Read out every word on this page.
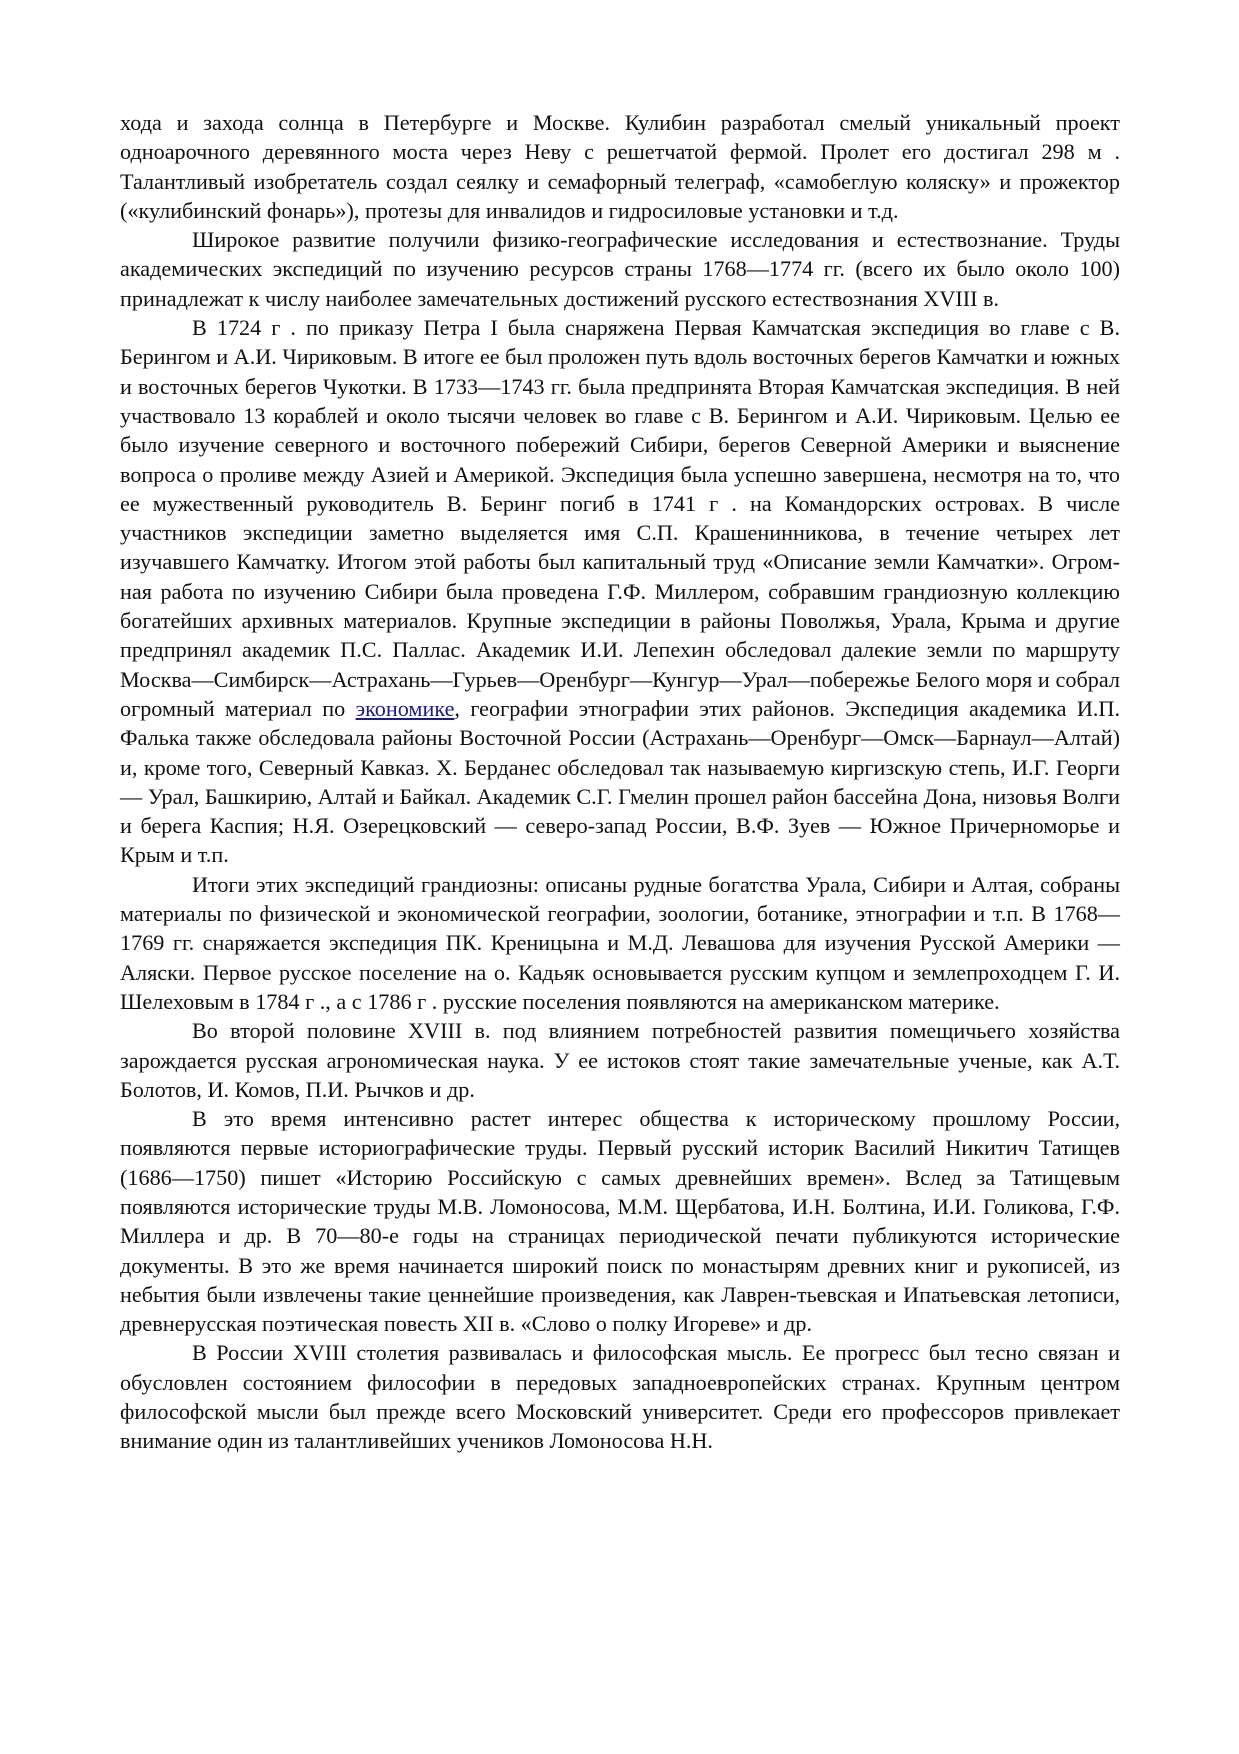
хода и захода солнца в Петербурге и Москве. Кулибин разработал смелый уникальный проект одноарочного деревянного моста через Неву с решетчатой фермой. Пролет его достигал 298 м . Талантливый изобретатель создал сеялку и семафорный телеграф, «самобеглую коляску» и прожектор («кулибинский фонарь»), протезы для инвалидов и гидросиловые установки и т.д.

Широкое развитие получили физико-географические исследования и естествознание. Труды академических экспедиций по изучению ресурсов страны 1768—1774 гг. (всего их было около 100) принадлежат к числу наиболее замечательных достижений русского естествознания XVIII в.

В 1724 г . по приказу Петра I была снаряжена Первая Камчатская экспедиция во главе с В. Берингом и А.И. Чириковым. В итоге ее был проложен путь вдоль восточных берегов Камчатки и южных и восточных берегов Чукотки. В 1733—1743 гг. была предпринята Вторая Камчатская экспедиция. В ней участвовало 13 кораблей и около тысячи человек во главе с В. Берингом и А.И. Чириковым. Целью ее было изучение северного и восточного побережий Сибири, берегов Северной Америки и выяснение вопроса о проливе между Азией и Америкой. Экспедиция была успешно завершена, несмотря на то, что ее мужественный руководитель В. Беринг погиб в 1741 г . на Командорских островах. В числе участников экспедиции заметно выделяется имя С.П. Крашенинникова, в течение четырех лет изучавшего Камчатку. Итогом этой работы был капитальный труд «Описание земли Камчатки». Огромная работа по изучению Сибири была проведена Г.Ф. Миллером, собравшим грандиозную коллекцию богатейших архивных материалов. Крупные экспедиции в районы Поволжья, Урала, Крыма и другие предпринял академик П.С. Паллас. Академик И.И. Лепехин обследовал далекие земли по маршруту Москва—Симбирск—Астрахань—Гурьев—Оренбург—Кунгур—Урал—побережье Белого моря и собрал огромный материал по экономике, географии этнографии этих районов. Экспедиция академика И.П. Фалька также обследовала районы Восточной России (Астрахань—Оренбург—Омск—Барнаул—Алтай) и, кроме того, Северный Кавказ. X. Берданес обследовал так называемую киргизскую степь, И.Г. Георги — Урал, Башкирию, Алтай и Байкал. Академик С.Г. Гмелин прошел район бассейна Дона, низовья Волги и берега Каспия; Н.Я. Озерецковский — северо-запад России, В.Ф. Зуев — Южное Причерноморье и Крым и т.п.

Итоги этих экспедиций грандиозны: описаны рудные богатства Урала, Сибири и Алтая, собраны материалы по физической и экономической географии, зоологии, ботанике, этнографии и т.п. В 1768—1769 гг. снаряжается экспедиция ПК. Креницына и М.Д. Левашова для изучения Русской Америки — Аляски. Первое русское поселение на о. Кадьяк основывается русским купцом и землепроходцем Г. И. Шелеховым в 1784 г ., а с 1786 г . русские поселения появляются на американском материке.

Во второй половине XVIII в. под влиянием потребностей развития помещичьего хозяйства зарождается русская агрономическая наука. У ее истоков стоят такие замечательные ученые, как А.Т. Болотов, И. Комов, П.И. Рычков и др.

В это время интенсивно растет интерес общества к историческому прошлому России, появляются первые историографические труды. Первый русский историк Василий Никитич Татищев (1686—1750) пишет «Историю Российскую с самых древнейших времен». Вслед за Татищевым появляются исторические труды М.В. Ломоносова, М.М. Щербатова, И.Н. Болтина, И.И. Голикова, Г.Ф. Миллера и др. В 70—80-е годы на страницах периодической печати публикуются исторические документы. В это же время начинается широкий поиск по монастырям древних книг и рукописей, из небытия были извлечены такие ценнейшие произведения, как Лаврен-тьевская и Ипатьевская летописи, древнерусская поэтическая повесть XII в. «Слово о полку Игореве» и др.

В России XVIII столетия развивалась и философская мысль. Ее прогресс был тесно связан и обусловлен состоянием философии в передовых западноевропейских странах. Крупным центром философской мысли был прежде всего Московский университет. Среди его профессоров привлекает внимание один из талантливейших учеников Ломоносова Н.Н.
